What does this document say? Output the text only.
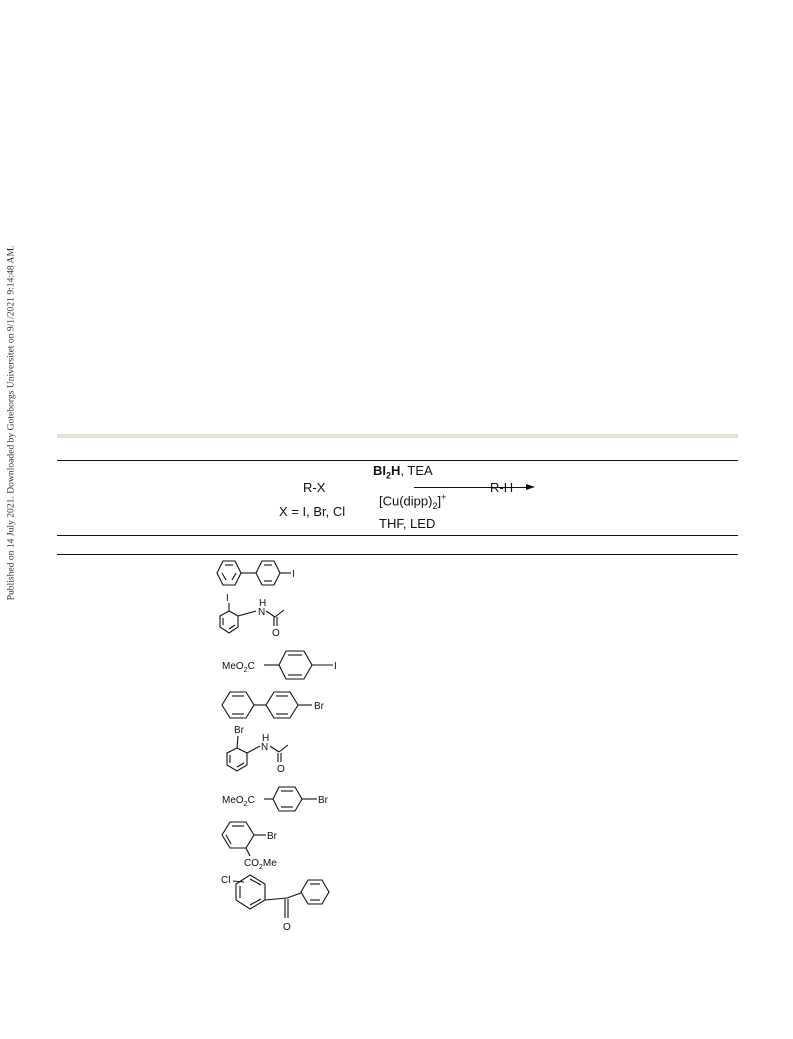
Published on 14 July 2021. Downloaded by Goteborgs Universitet on 9/1/2021 9:14:48 AM.	R-X
X = I, Br, Cl
$BI_2H$, TEA
$[Cu(dipp)_2]^+$
THF, LED
R-H
I
I	H
N
O
MeO$_2$C	I
Br
Br
H
N
O
MeO$_2$C	Br
Br
$CO_2Me$
Cl
O
